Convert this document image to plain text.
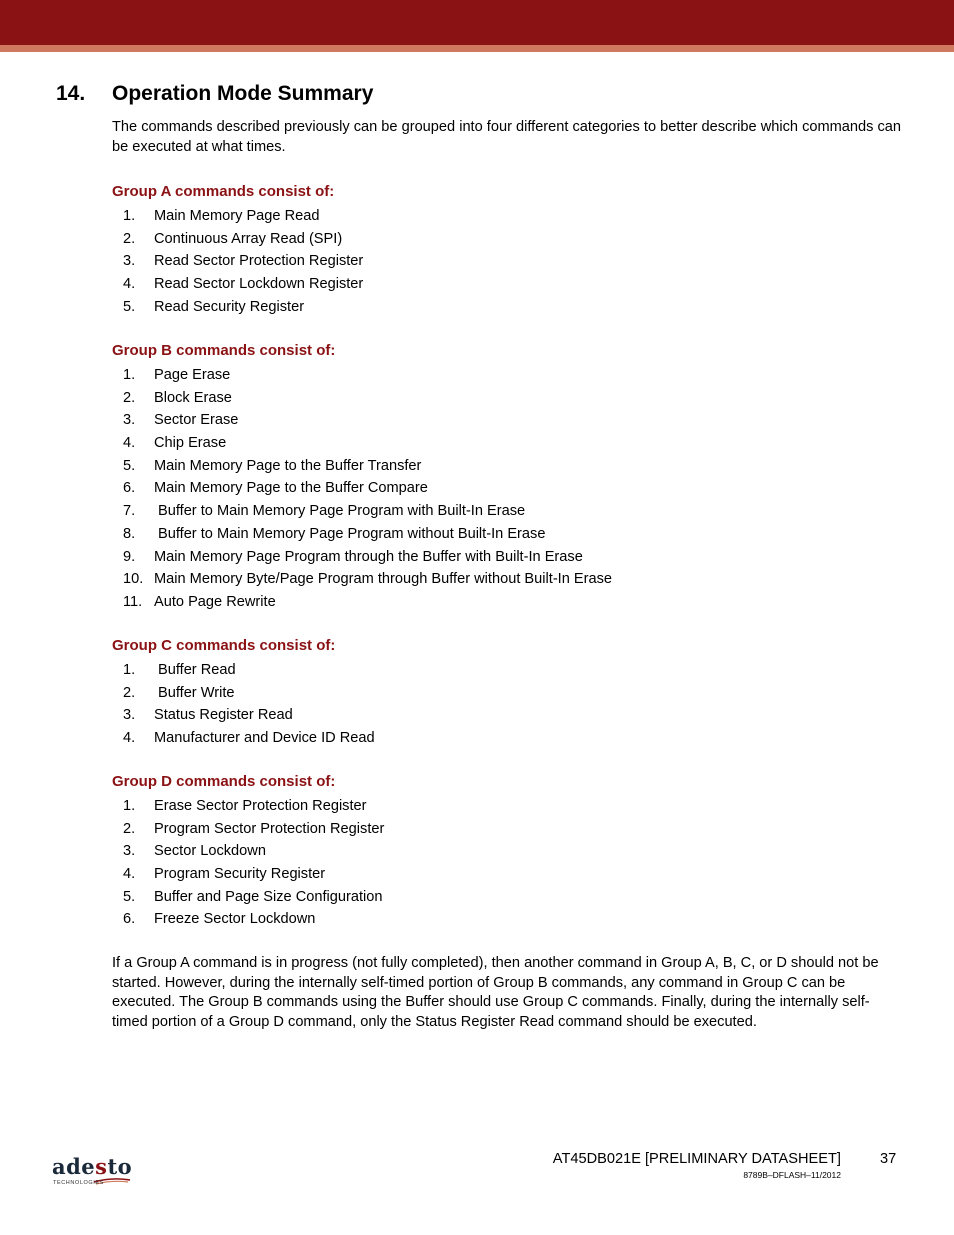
14. Operation Mode Summary
The commands described previously can be grouped into four different categories to better describe which commands can be executed at what times.
Group A commands consist of:
1. Main Memory Page Read
2. Continuous Array Read (SPI)
3. Read Sector Protection Register
4. Read Sector Lockdown Register
5. Read Security Register
Group B commands consist of:
1. Page Erase
2. Block Erase
3. Sector Erase
4. Chip Erase
5. Main Memory Page to the Buffer Transfer
6. Main Memory Page to the Buffer Compare
7. Buffer to Main Memory Page Program with Built-In Erase
8. Buffer to Main Memory Page Program without Built-In Erase
9. Main Memory Page Program through the Buffer with Built-In Erase
10. Main Memory Byte/Page Program through Buffer without Built-In Erase
11. Auto Page Rewrite
Group C commands consist of:
1. Buffer Read
2. Buffer Write
3. Status Register Read
4. Manufacturer and Device ID Read
Group D commands consist of:
1. Erase Sector Protection Register
2. Program Sector Protection Register
3. Sector Lockdown
4. Program Security Register
5. Buffer and Page Size Configuration
6. Freeze Sector Lockdown
If a Group A command is in progress (not fully completed), then another command in Group A, B, C, or D should not be started. However, during the internally self-timed portion of Group B commands, any command in Group C can be executed. The Group B commands using the Buffer should use Group C commands. Finally, during the internally self-timed portion of a Group D command, only the Status Register Read command should be executed.
adesto
TECHNOLOGIES
AT45DB021E [PRELIMINARY DATASHEET]	37
8789B–DFLASH–11/2012
